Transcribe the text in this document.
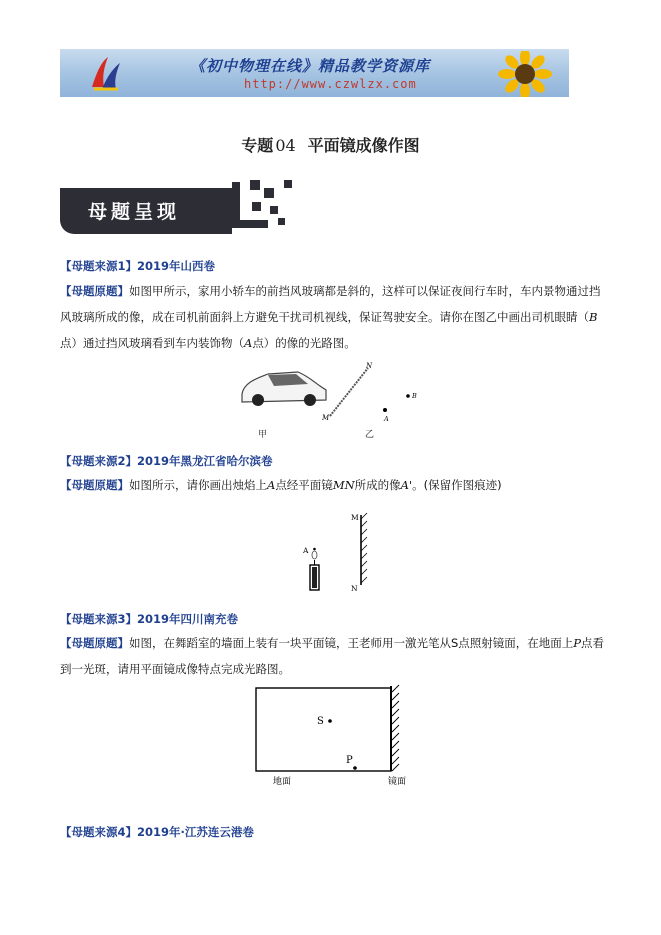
《初中物理在线》精品教学资源库
http://www.czwlzx.com
专题 04 平面镜成像作图
母题呈现
【母题来源1】2019年山西卷
【母题原题】如图甲所示，家用小轿车的前挡风玻璃都是斜的，这样可以保证夜间行车时，车内景物通过挡风玻璃所成的像，成在司机前面斜上方避免干扰司机视线，保证驾驶安全。请你在图乙中画出司机眼睛（B点）通过挡风玻璃看到车内装饰物（A点）的像的光路图。
N
M
B
A
甲	乙
【母题来源2】2019年黑龙江省哈尔滨卷
【母题原题】如图所示，请你画出烛焰上A点经平面镜MN所成的像A'。(保留作图痕迹)
M
N
A
【母题来源3】2019年四川南充卷
【母题原题】如图，在舞蹈室的墙面上装有一块平面镜，王老师用一激光笔从S点照射镜面，在地面上P点看到一光斑，请用平面镜成像特点完成光路图。
S
P
地面	镜面
【母题来源4】2019年·江苏连云港卷
